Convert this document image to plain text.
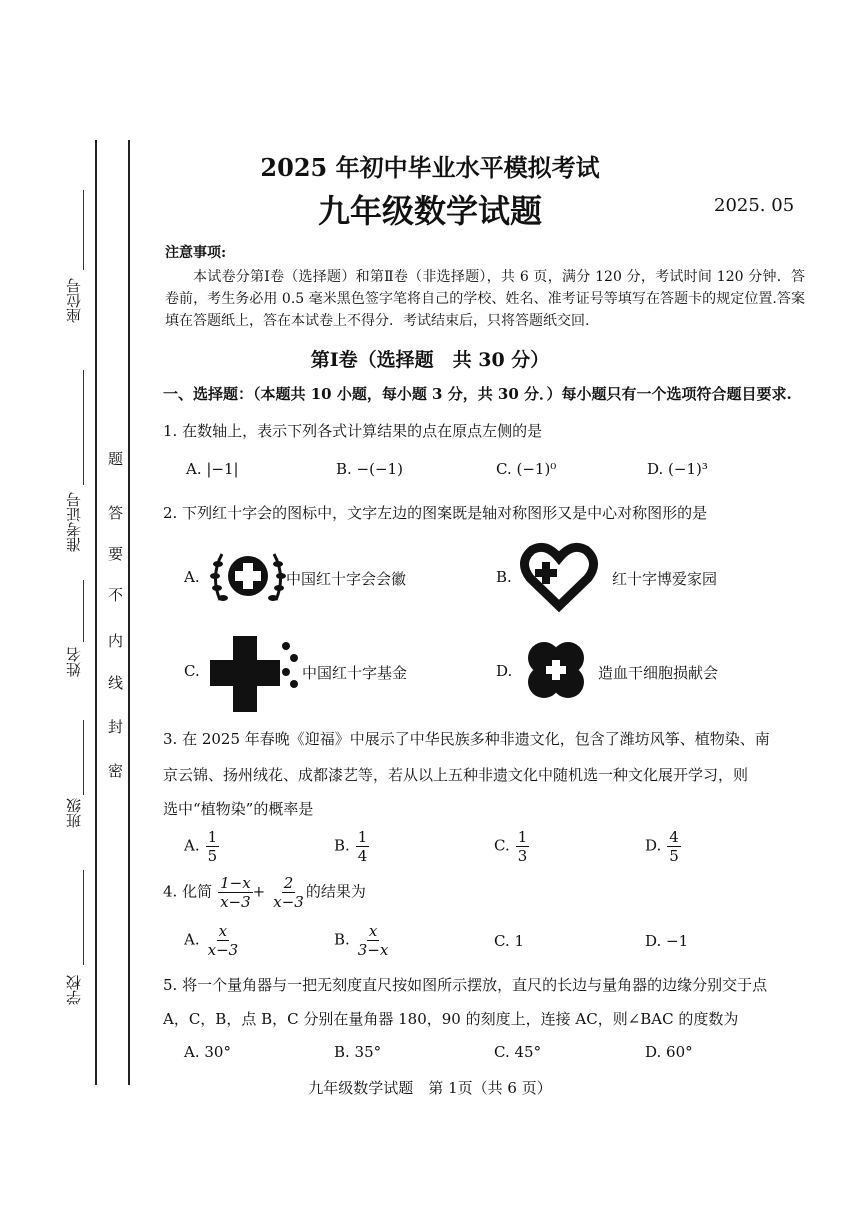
座位号
准考证号
姓名
班级
学校
题
答
要
不
内
线
封
密
2025 年初中毕业水平模拟考试
九年级数学试题	2025. 05
注意事项:
本试卷分第Ⅰ卷（选择题）和第Ⅱ卷（非选择题），共 6 页，满分 120 分，考试时间 120 分钟．答卷前，考生务必用 0.5 毫米黑色签字笔将自己的学校、姓名、准考证号等填写在答题卡的规定位置.答案填在答题纸上，答在本试卷上不得分．考试结束后，只将答题纸交回.
第Ⅰ卷（选择题　共 30 分）
一、选择题：（本题共 10 小题，每小题 3 分，共 30 分．）每小题只有一个选项符合题目要求.
1. 在数轴上，表示下列各式计算结果的点在原点左侧的是
A. |−1|	B. −(−1)	C. (−1)⁰	D. (−1)³
2. 下列红十字会的图标中，文字左边的图案既是轴对称图形又是中心对称图形的是
A.	中国红十字会会徽	B.	红十字博爱家园
C.	中国红十字基金	D.	造血干细胞损献会
3. 在 2025 年春晚《迎福》中展示了中华民族多种非遗文化，包含了潍坊风筝、植物染、南
京云锦、扬州绒花、成都漆艺等，若从以上五种非遗文化中随机选一种文化展开学习，则
选中“植物染”的概率是
A. $\frac{1}{5}$	B. $\frac{1}{4}$	C. $\frac{1}{3}$	D. $\frac{4}{5}$
4. 化简 $\frac{1-x}{x-3} + \frac{2}{x-3}$ 的结果为
A. $\frac{x}{x-3}$	B. $\frac{x}{3-x}$	C. 1	D. −1
5. 将一个量角器与一把无刻度直尺按如图所示摆放，直尺的长边与量角器的边缘分别交于点
A，C，B，点 B，C 分别在量角器 180，90 的刻度上，连接 AC，则∠BAC 的度数为
A. 30°	B. 35°	C. 45°	D. 60°
九年级数学试题　第 1页（共 6 页）
